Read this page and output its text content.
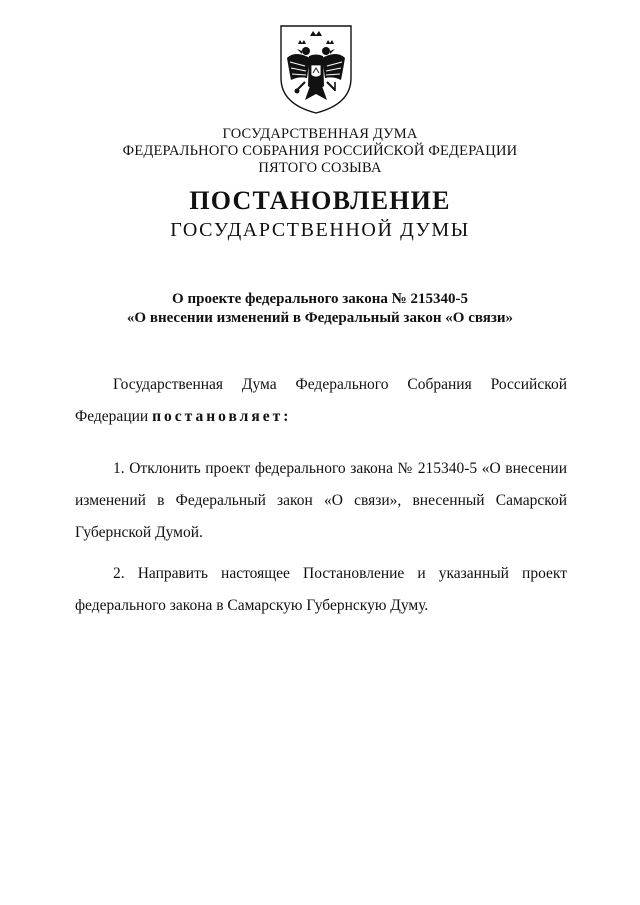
ГОСУДАРСТВЕННАЯ ДУМА
ФЕДЕРАЛЬНОГО СОБРАНИЯ РОССИЙСКОЙ ФЕДЕРАЦИИ
ПЯТОГО СОЗЫВА
ПОСТАНОВЛЕНИЕ
ГОСУДАРСТВЕННОЙ ДУМЫ
О проекте федерального закона № 215340-5
«О внесении изменений в Федеральный закон «О связи»
Государственная Дума Федерального Собрания Российской
Федерации постановляет:
1. Отклонить проект федерального закона № 215340-5 «О внесении
изменений в Федеральный закон «О связи», внесенный Самарской
Губернской Думой.
2. Направить настоящее Постановление и указанный проект
федерального закона в Самарскую Губернскую Думу.
